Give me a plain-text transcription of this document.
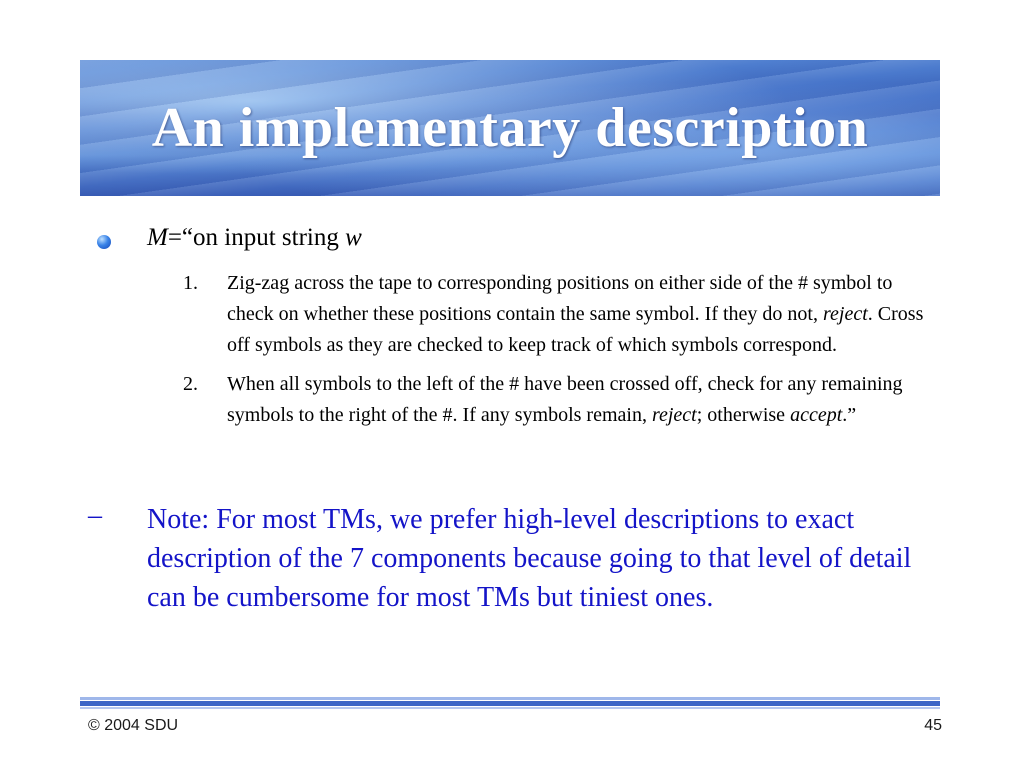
An implementary description
M=“on input string w
1. Zig-zag across the tape to corresponding positions on either side of the # symbol to check on whether these positions contain the same symbol. If they do not, reject. Cross off symbols as they are checked to keep track of which symbols correspond.
2. When all symbols to the left of the # have been crossed off, check for any remaining symbols to the right of the #. If any symbols remain, reject; otherwise accept.”
– Note: For most TMs, we prefer high-level descriptions to exact description of the 7 components because going to that level of detail can be cumbersome for most TMs but tiniest ones.
© 2004 SDU	45
